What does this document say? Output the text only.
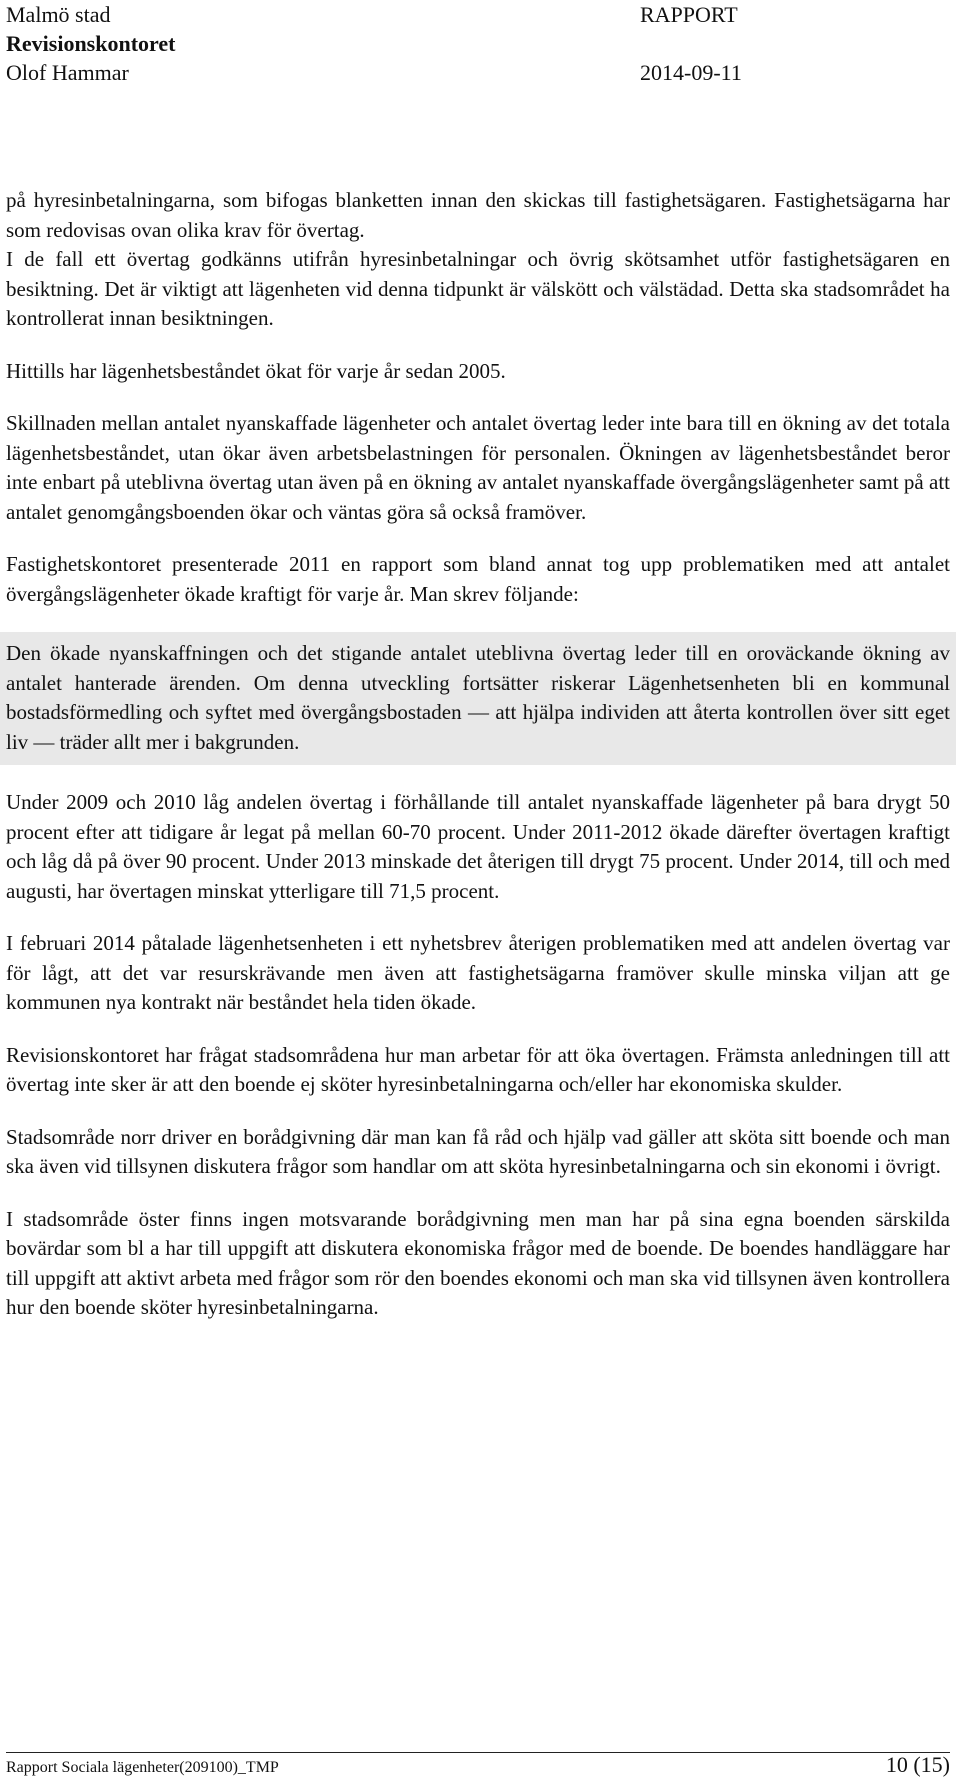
Malmö stad	RAPPORT
Revisionskontoret
Olof Hammar	2014-09-11

på hyresinbetalningarna, som bifogas blanketten innan den skickas till fastighetsägaren. Fastighetsägarna har som redovisas ovan olika krav för övertag.

I de fall ett övertag godkänns utifrån hyresinbetalningar och övrig skötsamhet utför fastighetsägaren en besiktning. Det är viktigt att lägenheten vid denna tidpunkt är välskött och välstädad. Detta ska stadsområdet ha kontrollerat innan besiktningen.

Hittills har lägenhetsbeståndet ökat för varje år sedan 2005.

Skillnaden mellan antalet nyanskaffade lägenheter och antalet övertag leder inte bara till en ökning av det totala lägenhetsbeståndet, utan ökar även arbetsbelastningen för personalen. Ökningen av lägenhetsbeståndet beror inte enbart på uteblivna övertag utan även på en ökning av antalet nyanskaffade övergångslägenheter samt på att antalet genomgångsboenden ökar och väntas göra så också framöver.

Fastighetskontoret presenterade 2011 en rapport som bland annat tog upp problematiken med att antalet övergångslägenheter ökade kraftigt för varje år. Man skrev följande:

Den ökade nyanskaffningen och det stigande antalet uteblivna övertag leder till en oroväckande ökning av antalet hanterade ärenden. Om denna utveckling fortsätter riskerar Lägenhetsenheten bli en kommunal bostadsförmedling och syftet med övergångsbostaden — att hjälpa individen att återta kontrollen över sitt eget liv — träder allt mer i bakgrunden.

Under 2009 och 2010 låg andelen övertag i förhållande till antalet nyanskaffade lägenheter på bara drygt 50 procent efter att tidigare år legat på mellan 60-70 procent. Under 2011-2012 ökade därefter övertagen kraftigt och låg då på över 90 procent. Under 2013 minskade det återigen till drygt 75 procent. Under 2014, till och med augusti, har övertagen minskat ytterligare till 71,5 procent.

I februari 2014 påtalade lägenhetsenheten i ett nyhetsbrev återigen problematiken med att andelen övertag var för lågt, att det var resurskrävande men även att fastighetsägarna framöver skulle minska viljan att ge kommunen nya kontrakt när beståndet hela tiden ökade.

Revisionskontoret har frågat stadsområdena hur man arbetar för att öka övertagen. Främsta anledningen till att övertag inte sker är att den boende ej sköter hyresinbetalningarna och/eller har ekonomiska skulder.

Stadsområde norr driver en borådgivning där man kan få råd och hjälp vad gäller att sköta sitt boende och man ska även vid tillsynen diskutera frågor som handlar om att sköta hyresinbetalningarna och sin ekonomi i övrigt.

I stadsområde öster finns ingen motsvarande borådgivning men man har på sina egna boenden särskilda bovärdar som bl a har till uppgift att diskutera ekonomiska frågor med de boende. De boendes handläggare har till uppgift att aktivt arbeta med frågor som rör den boendes ekonomi och man ska vid tillsynen även kontrollera hur den boende sköter hyresinbetalningarna.

Rapport Sociala lägenheter(209100)_TMP	10 (15)
